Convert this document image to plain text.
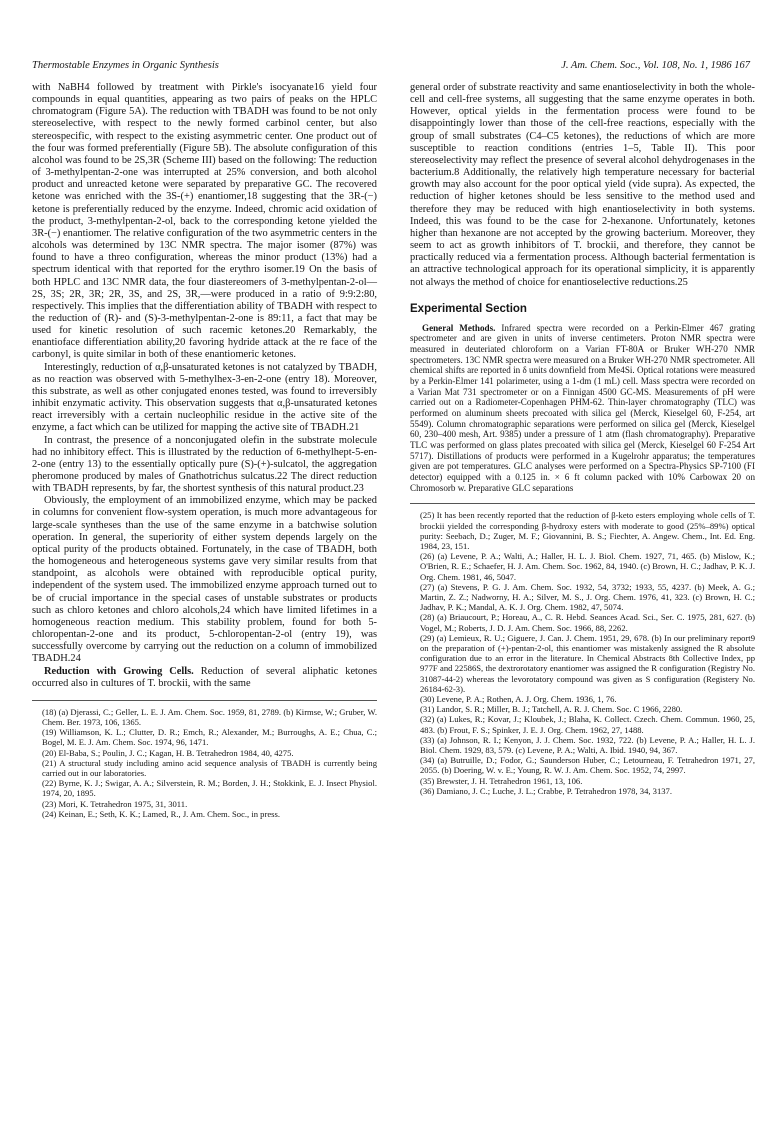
Thermostable Enzymes in Organic Synthesis	J. Am. Chem. Soc., Vol. 108, No. 1, 1986 167

with NaBH4 followed by treatment with Pirkle's isocyanate16 yield four compounds in equal quantities, appearing as two pairs of peaks on the HPLC chromatogram (Figure 5A). The reduction with TBADH was found to be not only stereoselective, with respect to the newly formed carbinol center, but also stereospecific, with respect to the existing asymmetric center. One product out of the four was formed preferentially (Figure 5B). The absolute configuration of this alcohol was found to be 2S,3R (Scheme III) based on the following: The reduction of 3-methylpentan-2-one was interrupted at 25% conversion, and both alcohol product and unreacted ketone were separated by preparative GC. The recovered ketone was enriched with the 3S-(+) enantiomer,18 suggesting that the 3R-(−) ketone is preferentially reduced by the enzyme. Indeed, chromic acid oxidation of the product, 3-methylpentan-2-ol, back to the corresponding ketone yielded the 3R-(−) enantiomer. The relative configuration of the two asymmetric centers in the alcohols was determined by 13C NMR spectra. The major isomer (87%) was found to have a threo configuration, whereas the minor product (13%) had a spectrum identical with that reported for the erythro isomer.19 On the basis of both HPLC and 13C NMR data, the four diastereomers of 3-methylpentan-2-ol—2S, 3S; 2R, 3R; 2R, 3S, and 2S, 3R,—were produced in a ratio of 9:9:2:80, respectively. This implies that the differentiation ability of TBADH with respect to the reduction of (R)- and (S)-3-methylpentan-2-one is 89:11, a fact that may be used for kinetic resolution of such racemic ketones.20 Remarkably, the enantioface differentiation ability,20 favoring hydride attack at the re face of the carbonyl, is quite similar in both of these enantiomeric ketones.

Interestingly, reduction of α,β-unsaturated ketones is not catalyzed by TBADH, as no reaction was observed with 5-methylhex-3-en-2-one (entry 18). Moreover, this substrate, as well as other conjugated enones tested, was found to irreversibly inhibit enzymatic activity. This observation suggests that α,β-unsaturated ketones react irreversibly with a certain nucleophilic residue in the active site of the enzyme, a fact which can be utilized for mapping the active site of TBADH.21

In contrast, the presence of a nonconjugated olefin in the substrate molecule had no inhibitory effect. This is illustrated by the reduction of 6-methylhept-5-en-2-one (entry 13) to the essentially optically pure (S)-(+)-sulcatol, the aggregation pheromone produced by males of Gnathotrichus sulcatus.22 The direct reduction with TBADH represents, by far, the shortest synthesis of this natural product.23

Obviously, the employment of an immobilized enzyme, which may be packed in columns for convenient flow-system operation, is much more advantageous for large-scale syntheses than the use of the same enzyme in a batchwise solution operation. In general, the superiority of either system depends largely on the optical purity of the products obtained. Fortunately, in the case of TBADH, both the homogeneous and heterogeneous systems gave very similar results from that standpoint, as alcohols were obtained with reproducible optical purity, independent of the system used. The immobilized enzyme approach turned out to be of crucial importance in the special cases of unstable substrates or products such as chloro ketones and chloro alcohols,24 which have limited lifetimes in a homogeneous reaction medium. This stability problem, found for both 5-chloropentan-2-one and its product, 5-chloropentan-2-ol (entry 19), was successfully overcome by carrying out the reduction on a column of immobilized TBADH.24

Reduction with Growing Cells. Reduction of several aliphatic ketones occurred also in cultures of T. brockii, with the same

(18) (a) Djerassi, C.; Geller, L. E. J. Am. Chem. Soc. 1959, 81, 2789. (b) Kirmse, W.; Gruber, W. Chem. Ber. 1973, 106, 1365.

(19) Williamson, K. L.; Clutter, D. R.; Emch, R.; Alexander, M.; Burroughs, A. E.; Chua, C.; Bogel, M. E. J. Am. Chem. Soc. 1974, 96, 1471.

(20) El-Baba, S.; Poulin, J. C.; Kagan, H. B. Tetrahedron 1984, 40, 4275.

(21) A structural study including amino acid sequence analysis of TBADH is currently being carried out in our laboratories.

(22) Byrne, K. J.; Swigar, A. A.; Silverstein, R. M.; Borden, J. H.; Stokkink, E. J. Insect Physiol. 1974, 20, 1895.

(23) Mori, K. Tetrahedron 1975, 31, 3011.

(24) Keinan, E.; Seth, K. K.; Lamed, R., J. Am. Chem. Soc., in press.

general order of substrate reactivity and same enantioselectivity in both the whole-cell and cell-free systems, all suggesting that the same enzyme operates in both. However, optical yields in the fermentation process were found to be disappointingly lower than those of the cell-free reactions, especially with the group of small substrates (C4–C5 ketones), the reductions of which are more susceptible to reaction conditions (entries 1–5, Table II). This poor stereoselectivity may reflect the presence of several alcohol dehydrogenases in the bacterium.8 Additionally, the relatively high temperature necessary for bacterial growth may also account for the poor optical yield (vide supra). As expected, the reduction of higher ketones should be less sensitive to the method used and therefore they may be reduced with high enantioselectivity in both systems. Indeed, this was found to be the case for 2-hexanone. Unfortunately, ketones higher than hexanone are not accepted by the growing bacterium. Moreover, they seem to act as growth inhibitors of T. brockii, and therefore, they cannot be practically reduced via a fermentation process. Although bacterial fermentation is an attractive technological approach for its operational simplicity, it is apparently not always the method of choice for enantioselective reductions.25

Experimental Section

General Methods. Infrared spectra were recorded on a Perkin-Elmer 467 grating spectrometer and are given in units of inverse centimeters. Proton NMR spectra were measured in deuteriated chloroform on a Varian FT-80A or Bruker WH-270 NMR spectrometers. 13C NMR spectra were measured on a Bruker WH-270 NMR spectrometer. All chemical shifts are reported in δ units downfield from Me4Si. Optical rotations were measured by a Perkin-Elmer 141 polarimeter, using a 1-dm (1 mL) cell. Mass spectra were recorded on a Varian Mat 731 spectrometer or on a Finnigan 4500 GC-MS. Measurements of pH were carried out on a Radiometer-Copenhagen PHM-62. Thin-layer chromatography (TLC) was performed on aluminum sheets precoated with silica gel (Merck, Kieselgel 60, F-254, art 5549). Column chromatographic separations were performed on silica gel (Merck, Kieselgel 60, 230–400 mesh, Art. 9385) under a pressure of 1 atm (flash chromatography). Preparative TLC was performed on glass plates precoated with silica gel (Merck, Kieselgel 60 F-254 Art 5717). Distillations of products were performed in a Kugelrohr apparatus; the temperatures given are pot temperatures. GLC analyses were performed on a Spectra-Physics SP-7100 (FI detector) equipped with a 0.125 in. × 6 ft column packed with 10% Carbowax 20 on Chromosorb w. Preparative GLC separations

(25) It has been recently reported that the reduction of β-keto esters employing whole cells of T. brockii yielded the corresponding β-hydroxy esters with moderate to good (25%–89%) optical purity: Seebach, D.; Zuger, M. F.; Giovannini, B. S.; Fiechter, A. Angew. Chem., Int. Ed. Eng. 1984, 23, 151.

(26) (a) Levene, P. A.; Walti, A.; Haller, H. L. J. Biol. Chem. 1927, 71, 465. (b) Mislow, K.; O'Brien, R. E.; Schaefer, H. J. Am. Chem. Soc. 1962, 84, 1940. (c) Brown, H. C.; Jadhav, P. K. J. Org. Chem. 1981, 46, 5047.

(27) (a) Stevens, P. G. J. Am. Chem. Soc. 1932, 54, 3732; 1933, 55, 4237. (b) Meek, A. G.; Martin, Z. Z.; Nadworny, H. A.; Silver, M. S., J. Org. Chem. 1976, 41, 323. (c) Brown, H. C.; Jadhav, P. K.; Mandal, A. K. J. Org. Chem. 1982, 47, 5074.

(28) (a) Briaucourt, P.; Horeau, A., C. R. Hebd. Seances Acad. Sci., Ser. C. 1975, 281, 627. (b) Vogel, M.; Roberts, J. D. J. Am. Chem. Soc. 1966, 88, 2262.

(29) (a) Lemieux, R. U.; Giguere, J. Can. J. Chem. 1951, 29, 678. (b) In our preliminary report9 on the preparation of (+)-pentan-2-ol, this enantiomer was mistakenly assigned the R absolute configuration due to an error in the literature. In Chemical Abstracts 8th Collective Index, pp 977F and 22586S, the dextrorotatory enantiomer was assigned the R configuration (Registry No. 31087-44-2) whereas the levorotatory compound was given as S configuration (Registery No. 26184-62-3).

(30) Levene, P. A.; Rothen, A. J. Org. Chem. 1936, 1, 76.

(31) Landor, S. R.; Miller, B. J.; Tatchell, A. R. J. Chem. Soc. C 1966, 2280.

(32) (a) Lukes, R.; Kovar, J.; Kloubek, J.; Blaha, K. Collect. Czech. Chem. Commun. 1960, 25, 483. (b) Frout, F. S.; Spinker, J. E. J. Org. Chem. 1962, 27, 1488.

(33) (a) Johnson, R. I.; Kenyon, J. J. Chem. Soc. 1932, 722. (b) Levene, P. A.; Haller, H. L. J. Biol. Chem. 1929, 83, 579. (c) Levene, P. A.; Walti, A. Ibid. 1940, 94, 367.

(34) (a) Butruille, D.; Fodor, G.; Saunderson Huber, C.; Letourneau, F. Tetrahedron 1971, 27, 2055. (b) Doering, W. v. E.; Young, R. W. J. Am. Chem. Soc. 1952, 74, 2997.

(35) Brewster, J. H. Tetrahedron 1961, 13, 106.

(36) Damiano, J. C.; Luche, J. L.; Crabbe, P. Tetrahedron 1978, 34, 3137.
